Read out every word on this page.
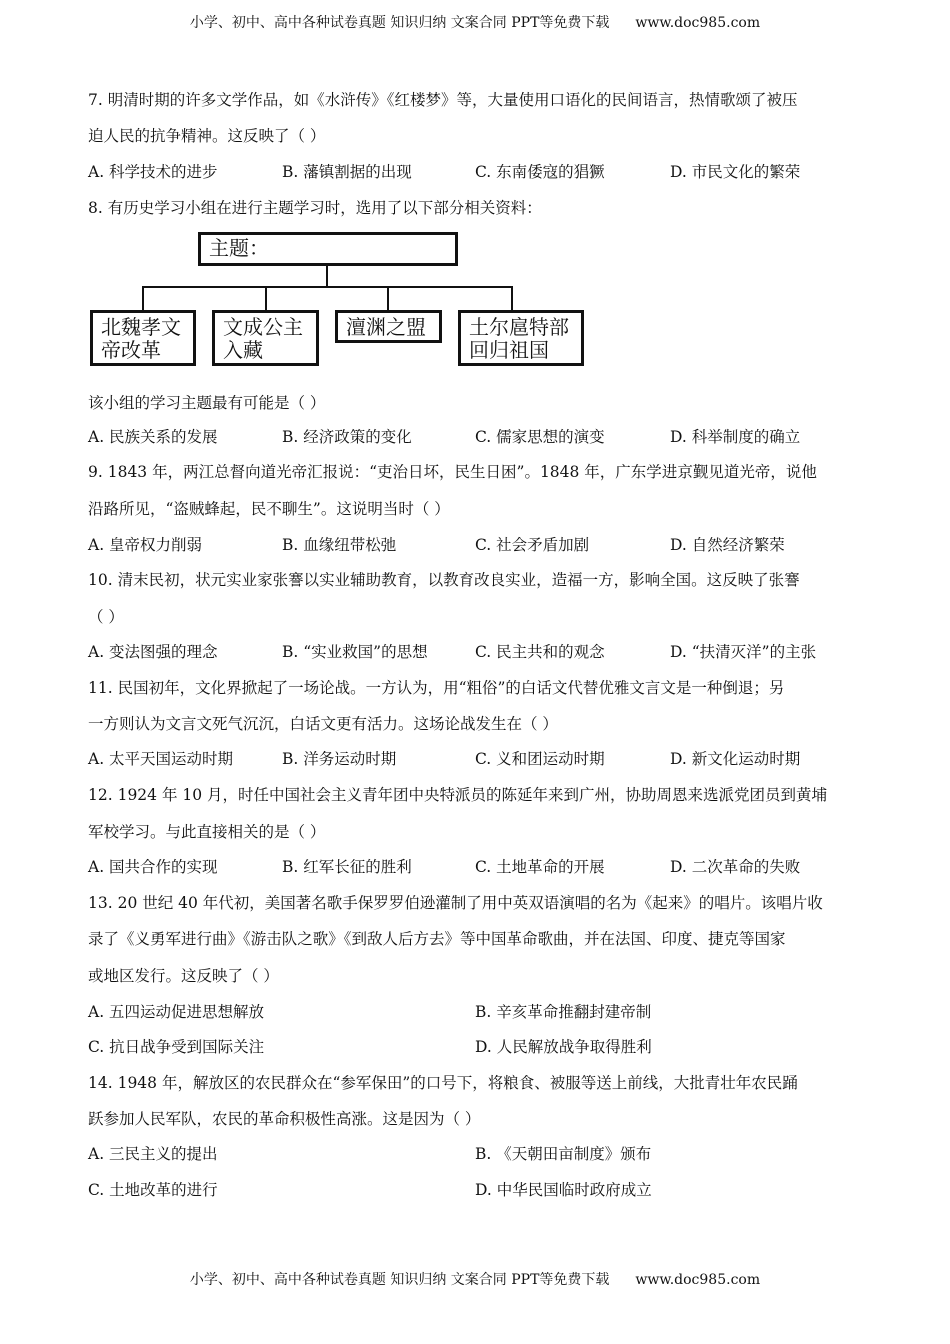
小学、初中、高中各种试卷真题 知识归纳 文案合同 PPT等免费下载 www.doc985.com
7. 明清时期的许多文学作品，如《水浒传》《红楼梦》等，大量使用口语化的民间语言，热情歌颂了被压
迫人民的抗争精神。这反映了（ ）
A. 科学技术的进步	B. 藩镇割据的出现	C. 东南倭寇的猖獗	D. 市民文化的繁荣
8. 有历史学习小组在进行主题学习时，选用了以下部分相关资料：
主题：
北魏孝文
帝改革
文成公主
入藏
澶渊之盟	土尔扈特部
回归祖国
该小组的学习主题最有可能是（ ）
A. 民族关系的发展	B. 经济政策的变化	C. 儒家思想的演变	D. 科举制度的确立
9. 1843 年，两江总督向道光帝汇报说：“吏治日坏，民生日困”。1848 年，广东学进京觐见道光帝，说他
沿路所见，“盗贼蜂起，民不聊生”。这说明当时（ ）
A. 皇帝权力削弱	B. 血缘纽带松弛	C. 社会矛盾加剧	D. 自然经济繁荣
10. 清末民初，状元实业家张謇以实业辅助教育，以教育改良实业，造福一方，影响全国。这反映了张謇
（ ）
A. 变法图强的理念	B. “实业救国”的思想	C. 民主共和的观念	D. “扶清灭洋”的主张
11. 民国初年，文化界掀起了一场论战。一方认为，用“粗俗”的白话文代替优雅文言文是一种倒退；另
一方则认为文言文死气沉沉，白话文更有活力。这场论战发生在（ ）
A. 太平天国运动时期	B. 洋务运动时期	C. 义和团运动时期	D. 新文化运动时期
12. 1924 年 10 月，时任中国社会主义青年团中央特派员的陈延年来到广州，协助周恩来选派党团员到黄埔
军校学习。与此直接相关的是（ ）
A. 国共合作的实现	B. 红军长征的胜利	C. 土地革命的开展	D. 二次革命的失败
13. 20 世纪 40 年代初，美国著名歌手保罗罗伯逊灌制了用中英双语演唱的名为《起来》的唱片。该唱片收
录了《义勇军进行曲》《游击队之歌》《到敌人后方去》等中国革命歌曲，并在法国、印度、捷克等国家
或地区发行。这反映了（ ）
A. 五四运动促进思想解放	B. 辛亥革命推翻封建帝制
C. 抗日战争受到国际关注	D. 人民解放战争取得胜利
14. 1948 年，解放区的农民群众在“参军保田”的口号下，将粮食、被服等送上前线，大批青壮年农民踊
跃参加人民军队，农民的革命积极性高涨。这是因为（ ）
A. 三民主义的提出	B. 《天朝田亩制度》颁布
C. 土地改革的进行	D. 中华民国临时政府成立
小学、初中、高中各种试卷真题 知识归纳 文案合同 PPT等免费下载 www.doc985.com
